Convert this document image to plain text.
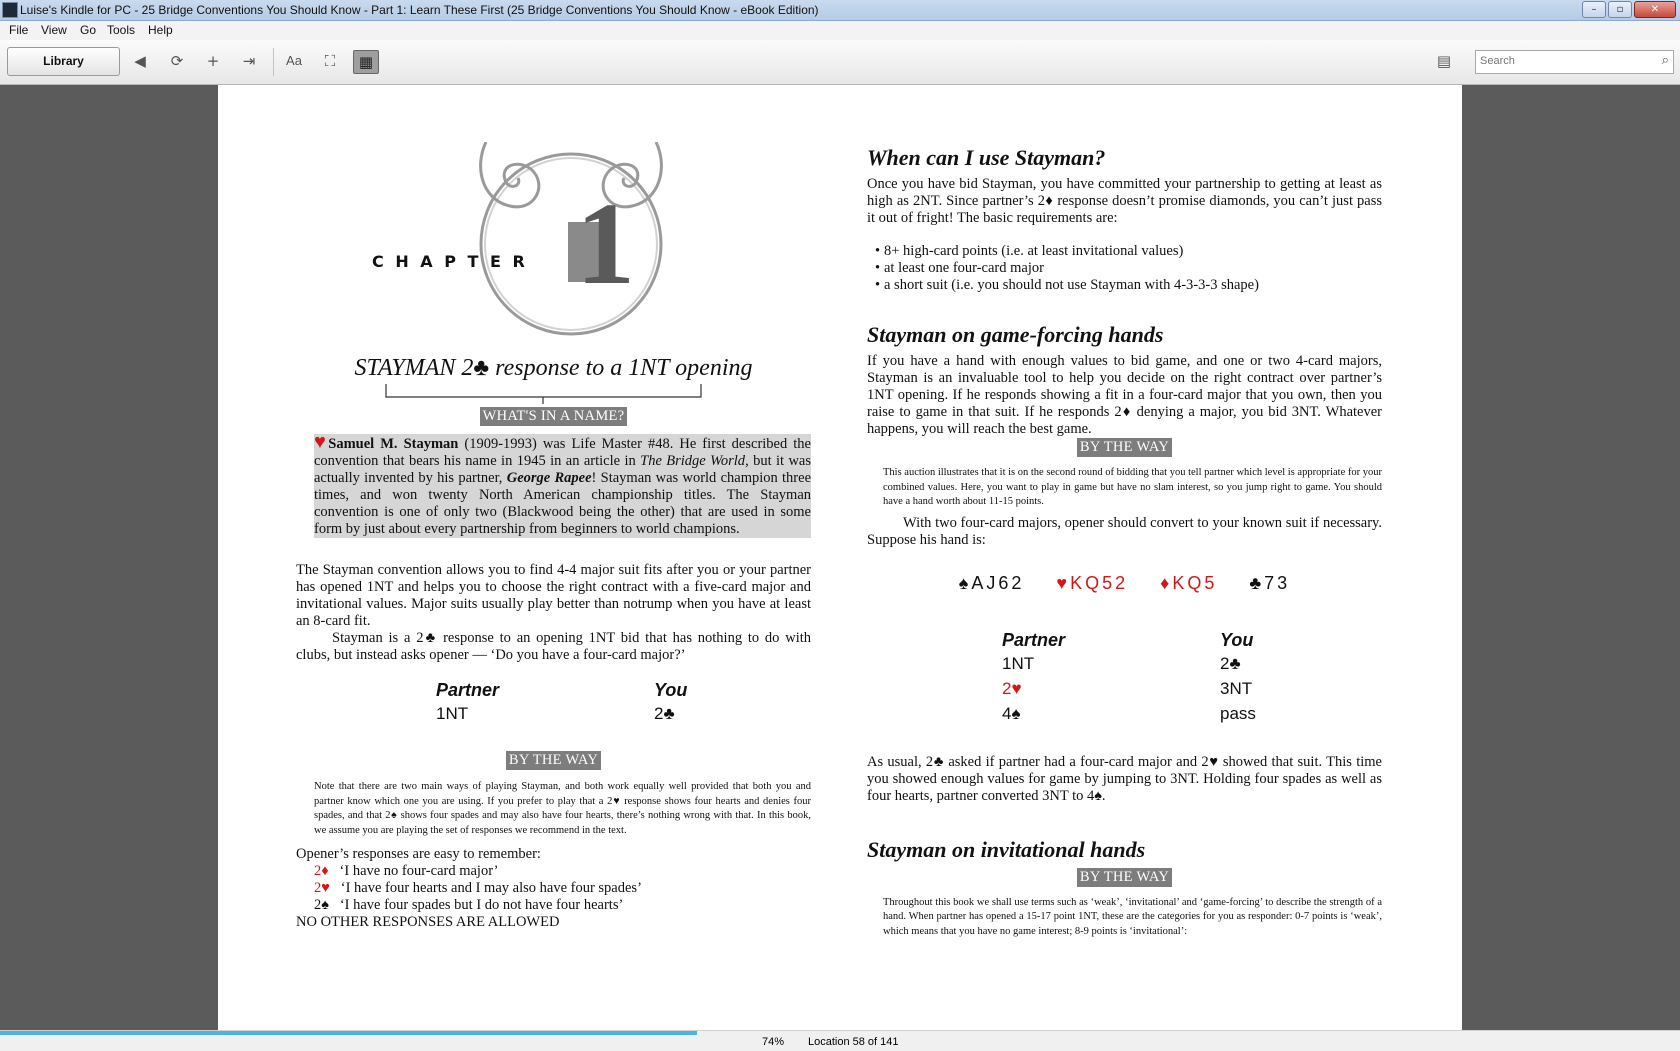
Luise's Kindle for PC - 25 Bridge Conventions You Should Know - Part 1: Learn These First (25 Bridge Conventions You Should Know - eBook Edition)	–	▫	✕
File View Go Tools Help
Library	◀	⟳	+	⇥	Aa	⛶	▦	▤
Search	⌕
C H A P T E R 1
STAYMAN 2♣ response to a 1NT opening
WHAT'S IN A NAME?

♥Samuel M. Stayman (1909-1993) was Life Master #48. He first described the convention that bears his name in 1945 in an article in The Bridge World, but it was actually invented by his partner, George Rapee! Stayman was world champion three times, and won twenty North American championship titles. The Stayman convention is one of only two (Blackwood being the other) that are used in some form by just about every partnership from beginners to world champions.

The Stayman convention allows you to find 4-4 major suit fits after you or your partner has opened 1NT and helps you to choose the right contract with a five-card major and invitational values. Major suits usually play better than notrump when you have at least an 8-card fit.

Stayman is a 2♣ response to an opening 1NT bid that has nothing to do with clubs, but instead asks opener — ‘Do you have a four-card major?’

Partner	You
1NT	2♣
BY THE WAY

Note that there are two main ways of playing Stayman, and both work equally well provided that both you and partner know which one you are using. If you prefer to play that a 2♥ response shows four hearts and denies four spades, and that 2♠ shows four spades and may also have four hearts, there’s nothing wrong with that. In this book, we assume you are playing the set of responses we recommend in the text.

Opener’s responses are easy to remember:

2♦ ‘I have no four-card major’
2♥ ‘I have four hearts and I may also have four spades’
2♠ ‘I have four spades but I do not have four hearts’
NO OTHER RESPONSES ARE ALLOWED
When can I use Stayman?

Once you have bid Stayman, you have committed your partnership to getting at least as high as 2NT. Since partner’s 2♦ response doesn’t promise diamonds, you can’t just pass it out of fright! The basic requirements are:

• 8+ high-card points (i.e. at least invitational values)
• at least one four-card major
• a short suit (i.e. you should not use Stayman with 4-3-3-3 shape)
Stayman on game-forcing hands

If you have a hand with enough values to bid game, and one or two 4-card majors, Stayman is an invaluable tool to help you decide on the right contract over partner’s 1NT opening. If he responds showing a fit in a four-card major that you own, then you raise to game in that suit. If he responds 2♦ denying a major, you bid 3NT. Whatever happens, you will reach the best game.

BY THE WAY

This auction illustrates that it is on the second round of bidding that you tell partner which level is appropriate for your combined values. Here, you want to play in game but have no slam interest, so you jump right to game. You should have a hand worth about 11-15 points.

With two four-card majors, opener should convert to your known suit if necessary. Suppose his hand is:

♠AJ62 ♥KQ52 ♦KQ5 ♣73
Partner	You
1NT	2♣
2♥	3NT
4♠	pass

As usual, 2♣ asked if partner had a four-card major and 2♥ showed that suit. This time you showed enough values for game by jumping to 3NT. Holding four spades as well as four hearts, partner converted 3NT to 4♠.

Stayman on invitational hands
BY THE WAY

Throughout this book we shall use terms such as ‘weak’, ‘invitational’ and ‘game-forcing’ to describe the strength of a hand. When partner has opened a 15-17 point 1NT, these are the categories for you as responder: 0-7 points is ‘weak’, which means that you have no game interest; 8-9 points is ‘invitational’:

74% Location 58 of 141
